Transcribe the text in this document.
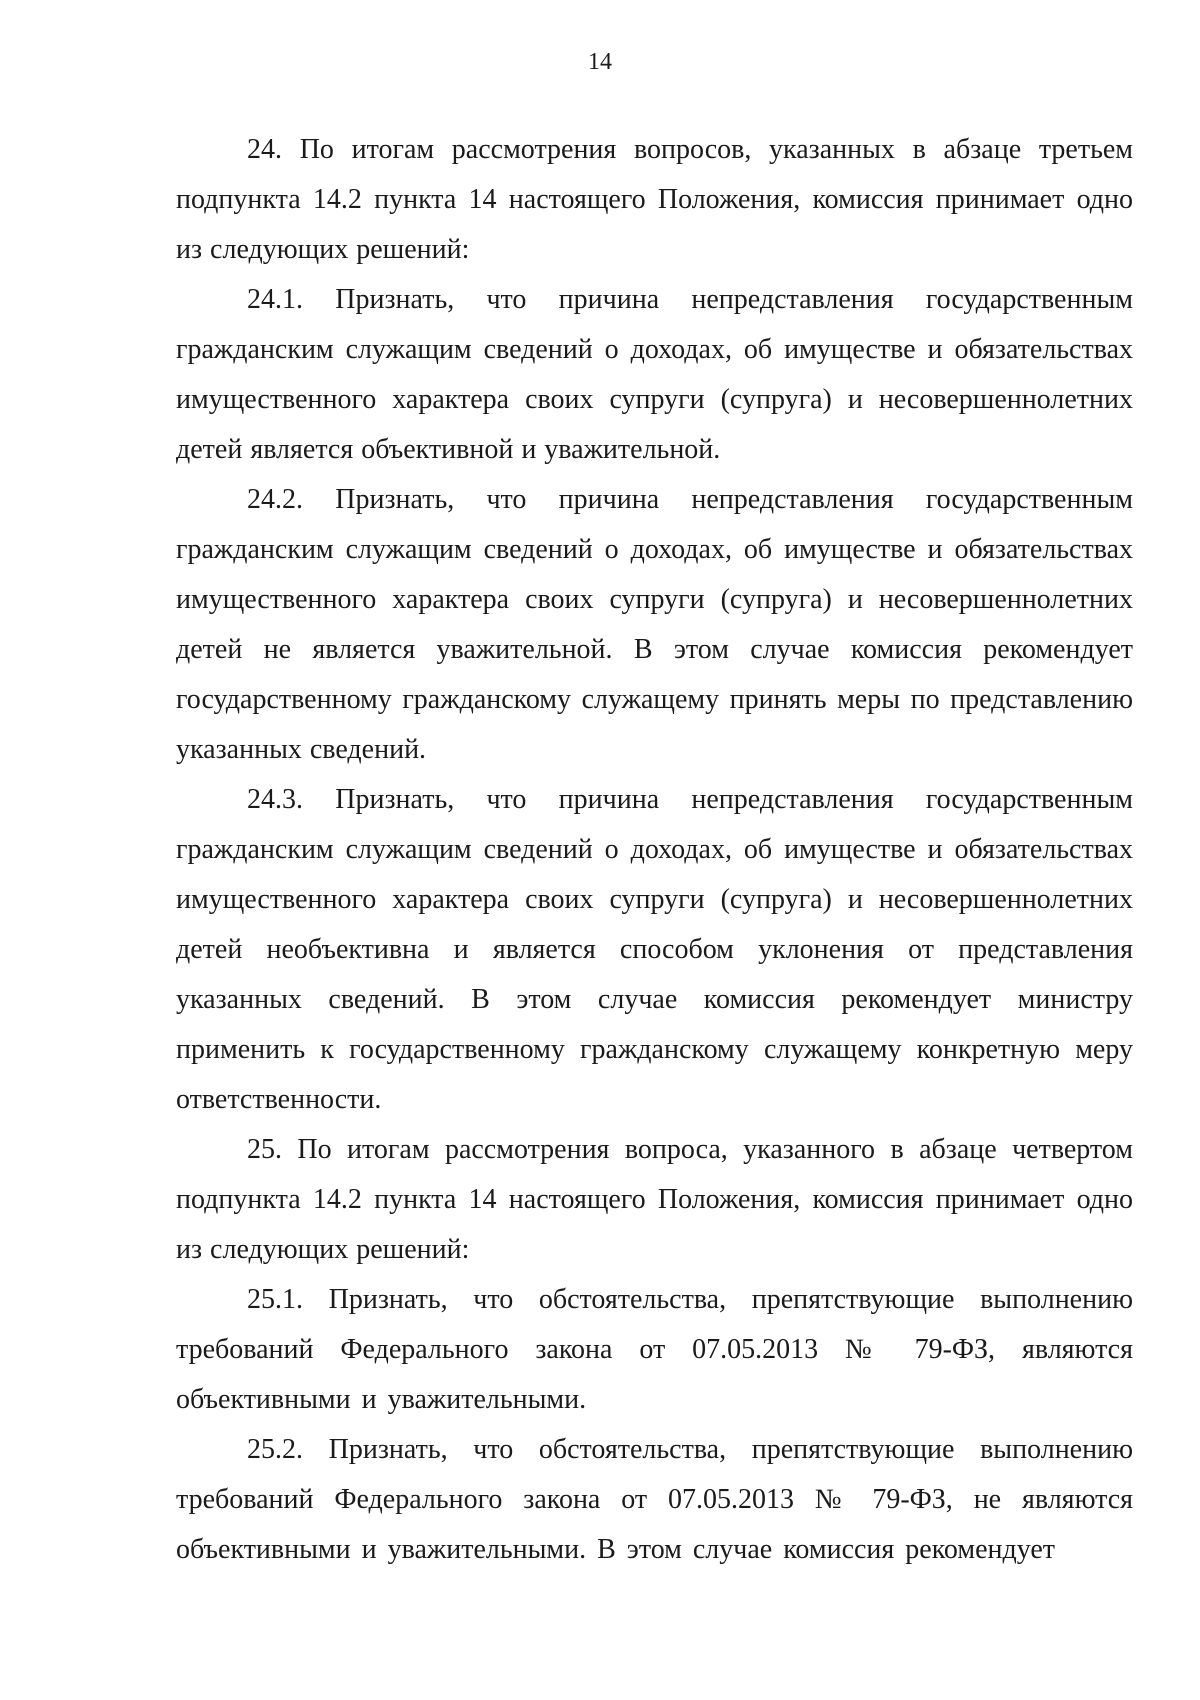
14

24. По итогам рассмотрения вопросов, указанных в абзаце третьем подпункта 14.2 пункта 14 настоящего Положения, комиссия принимает одно из следующих решений:

24.1. Признать, что причина непредставления государственным гражданским служащим сведений о доходах, об имуществе и обязательствах имущественного характера своих супруги (супруга) и несовершеннолетних детей является объективной и уважительной.

24.2. Признать, что причина непредставления государственным гражданским служащим сведений о доходах, об имуществе и обязательствах имущественного характера своих супруги (супруга) и несовершеннолетних детей не является уважительной. В этом случае комиссия рекомендует государственному гражданскому служащему принять меры по представлению указанных сведений.

24.3. Признать, что причина непредставления государственным гражданским служащим сведений о доходах, об имуществе и обязательствах имущественного характера своих супруги (супруга) и несовершеннолетних детей необъективна и является способом уклонения от представления указанных сведений. В этом случае комиссия рекомендует министру применить к государственному гражданскому служащему конкретную меру ответственности.

25. По итогам рассмотрения вопроса, указанного в абзаце четвертом подпункта 14.2 пункта 14 настоящего Положения, комиссия принимает одно из следующих решений:

25.1. Признать, что обстоятельства, препятствующие выполнению требований Федерального закона от 07.05.2013 № 79-ФЗ, являются объективными и уважительными.

25.2. Признать, что обстоятельства, препятствующие выполнению требований Федерального закона от 07.05.2013 № 79-ФЗ, не являются объективными и уважительными. В этом случае комиссия рекомендует
